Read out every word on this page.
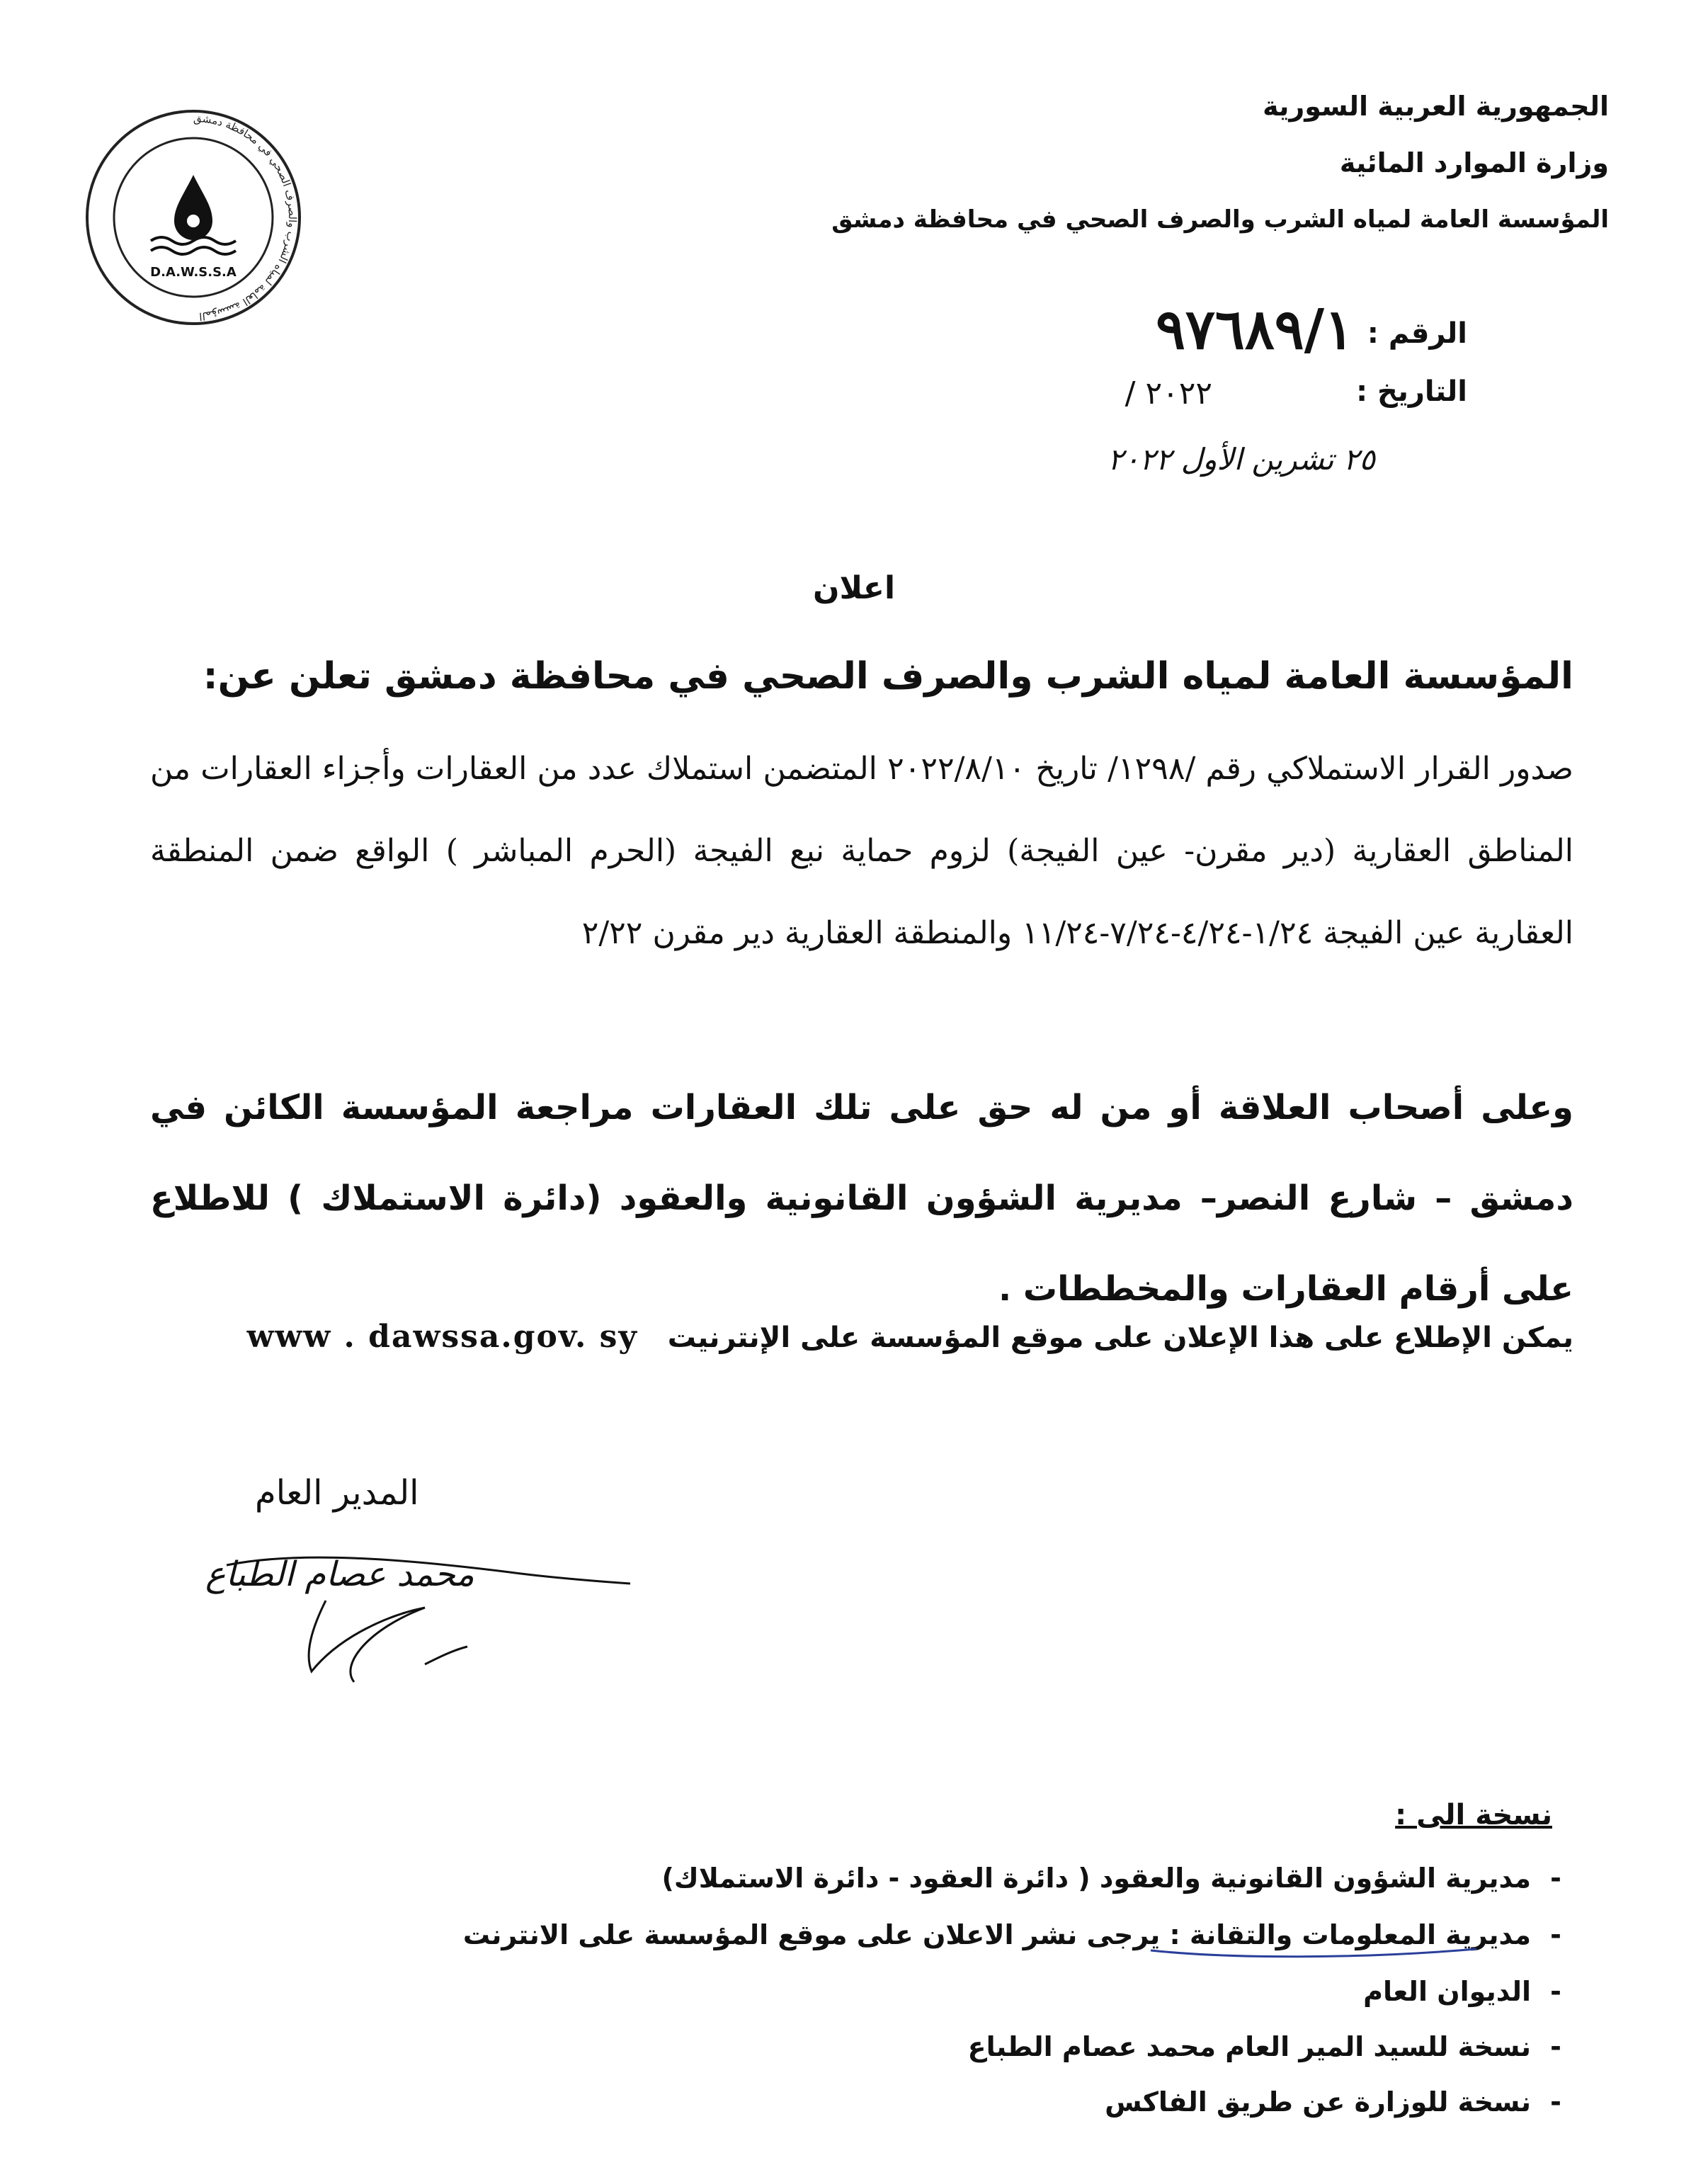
الجمهورية العربية السورية
وزارة الموارد المائية
المؤسسة العامة لمياه الشرب والصرف الصحي في محافظة دمشق
D.A.W.S.S.A
المؤسسة العامة لمياه الشرب والصرف الصحي في محافظة دمشق
الرقم :
٩٧٦٨٩/١
التاريخ :
/ ٢٠٢٢
٢٥ تشرين الأول ٢٠٢٢
اعلان
المؤسسة العامة لمياه الشرب والصرف الصحي في محافظة دمشق تعلن عن:
صدور القرار الاستملاكي رقم /١٢٩٨/ تاريخ ٢٠٢٢/٨/١٠ المتضمن استملاك عدد من العقارات وأجزاء العقارات من المناطق العقارية (دير مقرن- عين الفيجة) لزوم حماية نبع الفيجة (الحرم المباشر ) الواقع ضمن المنطقة العقارية عين الفيجة ١/٢٤-٤/٢٤-٧/٢٤-١١/٢٤ والمنطقة العقارية دير مقرن ٢/٢٢
وعلى أصحاب العلاقة أو من له حق على تلك العقارات مراجعة المؤسسة الكائن في دمشق – شارع النصر– مديرية الشؤون القانونية والعقود (دائرة الاستملاك ) للاطلاع على أرقام العقارات والمخططات .
يمكن الإطلاع على هذا الإعلان على موقع المؤسسة على الإنترنيت   www . dawssa.gov. sy
المدير العام
محمد عصام الطباع
نسخة الى :
-مديرية الشؤون القانونية والعقود ( دائرة العقود - دائرة الاستملاك)
-مديرية المعلومات والتقانة : يرجى نشر الاعلان على موقع المؤسسة على الانترنت
-الديوان العام
-نسخة للسيد المير العام محمد عصام الطباع
-نسخة للوزارة عن طريق الفاكس
